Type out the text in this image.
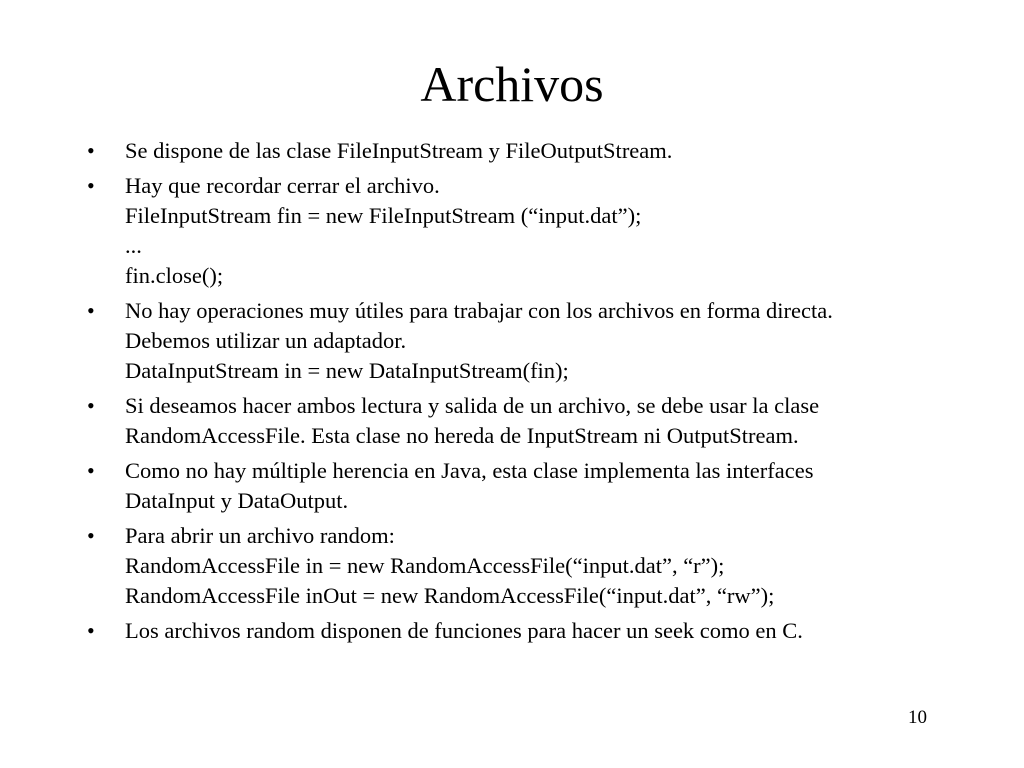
Archivos
• Se dispone de las clase FileInputStream y FileOutputStream.
• Hay que recordar cerrar el archivo.
FileInputStream fin = new FileInputStream (“input.dat”);
...
fin.close();
• No hay operaciones muy útiles para trabajar con los archivos en forma directa.
Debemos utilizar un adaptador.
DataInputStream in = new DataInputStream(fin);
• Si deseamos hacer ambos lectura y salida de un archivo, se debe usar la clase
RandomAccessFile. Esta clase no hereda de InputStream ni OutputStream.
• Como no hay múltiple herencia en Java, esta clase implementa las interfaces
DataInput y DataOutput.
• Para abrir un archivo random:
RandomAccessFile in = new RandomAccessFile(“input.dat”, “r”);
RandomAccessFile inOut = new RandomAccessFile(“input.dat”, “rw”);
• Los archivos random disponen de funciones para hacer un seek como en C.
10
